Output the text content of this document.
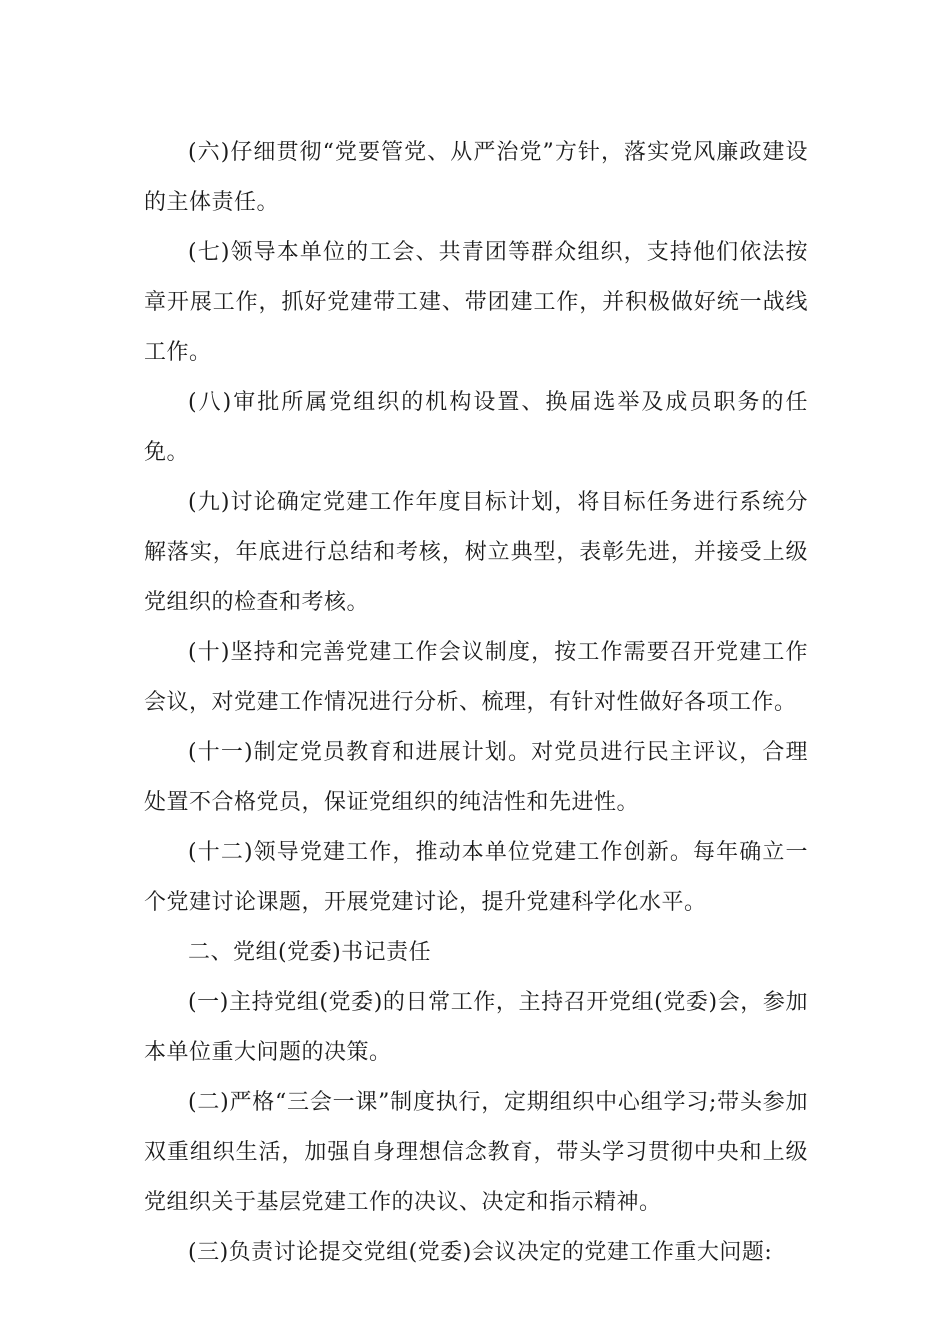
(六)仔细贯彻“党要管党、从严治党”方针，落实党风廉政建设的主体责任。

(七)领导本单位的工会、共青团等群众组织，支持他们依法按章开展工作，抓好党建带工建、带团建工作，并积极做好统一战线工作。

(八)审批所属党组织的机构设置、换届选举及成员职务的任免。

(九)讨论确定党建工作年度目标计划，将目标任务进行系统分解落实，年底进行总结和考核，树立典型，表彰先进，并接受上级党组织的检查和考核。

(十)坚持和完善党建工作会议制度，按工作需要召开党建工作会议，对党建工作情况进行分析、梳理，有针对性做好各项工作。

(十一)制定党员教育和进展计划。对党员进行民主评议，合理处置不合格党员，保证党组织的纯洁性和先进性。

(十二)领导党建工作，推动本单位党建工作创新。每年确立一个党建讨论课题，开展党建讨论，提升党建科学化水平。

二、党组(党委)书记责任

(一)主持党组(党委)的日常工作，主持召开党组(党委)会，参加本单位重大问题的决策。

(二)严格“三会一课”制度执行，定期组织中心组学习;带头参加双重组织生活，加强自身理想信念教育，带头学习贯彻中央和上级党组织关于基层党建工作的决议、决定和指示精神。

(三)负责讨论提交党组(党委)会议决定的党建工作重大问题:
